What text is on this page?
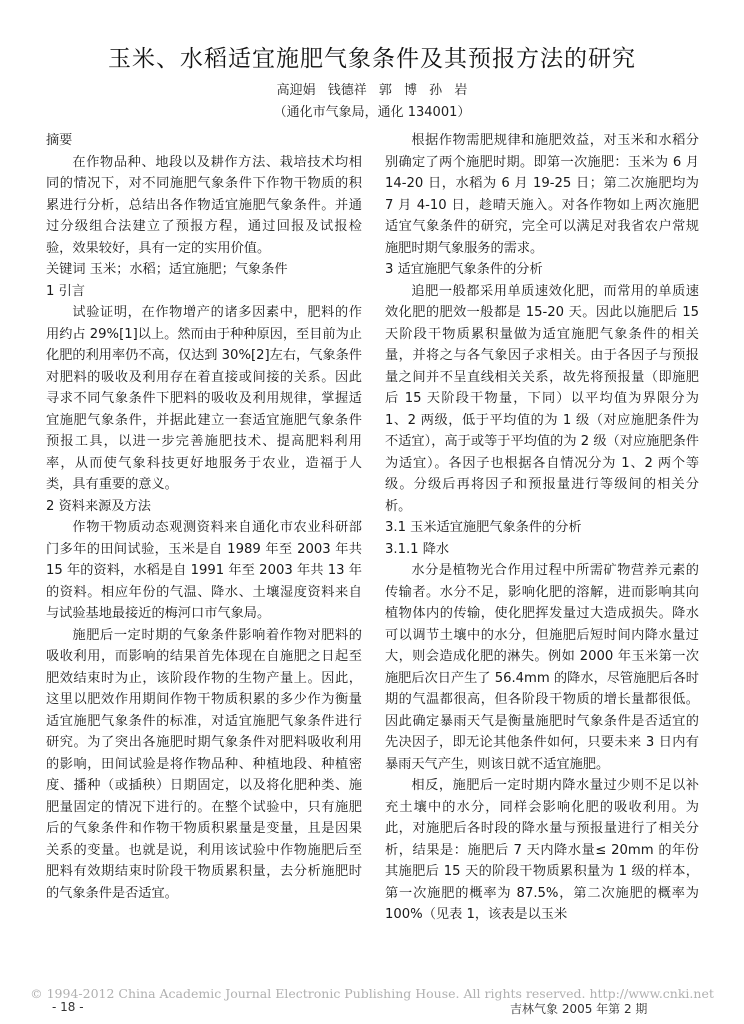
玉米、水稻适宜施肥气象条件及其预报方法的研究
高迎娟 钱德祥 郭 博 孙 岩
（通化市气象局，通化 134001）

摘要

在作物品种、地段以及耕作方法、栽培技术均相同的情况下，对不同施肥气象条件下作物干物质的积累进行分析，总结出各作物适宜施肥气象条件。并通过分级组合法建立了预报方程，通过回报及试报检验，效果较好，具有一定的实用价值。

关键词 玉米；水稻；适宜施肥；气象条件

1 引言

试验证明，在作物增产的诸多因素中，肥料的作用约占 29%[1]以上。然而由于种种原因，至目前为止化肥的利用率仍不高，仅达到 30%[2]左右，气象条件对肥料的吸收及利用存在着直接或间接的关系。因此寻求不同气象条件下肥料的吸收及利用规律，掌握适宜施肥气象条件，并据此建立一套适宜施肥气象条件预报工具，以进一步完善施肥技术、提高肥料利用率，从而使气象科技更好地服务于农业，造福于人类，具有重要的意义。

2 资料来源及方法

作物干物质动态观测资料来自通化市农业科研部门多年的田间试验，玉米是自 1989 年至 2003 年共 15 年的资料，水稻是自 1991 年至 2003 年共 13 年的资料。相应年份的气温、降水、土壤湿度资料来自与试验基地最接近的梅河口市气象局。

施肥后一定时期的气象条件影响着作物对肥料的吸收利用，而影响的结果首先体现在自施肥之日起至肥效结束时为止，该阶段作物的生物产量上。因此，这里以肥效作用期间作物干物质积累的多少作为衡量适宜施肥气象条件的标准，对适宜施肥气象条件进行研究。为了突出各施肥时期气象条件对肥料吸收利用的影响，田间试验是将作物品种、种植地段、种植密度、播种（或插秧）日期固定，以及将化肥种类、施肥量固定的情况下进行的。在整个试验中，只有施肥后的气象条件和作物干物质积累量是变量，且是因果关系的变量。也就是说，利用该试验中作物施肥后至肥料有效期结束时阶段干物质累积量，去分析施肥时的气象条件是否适宜。

根据作物需肥规律和施肥效益，对玉米和水稻分别确定了两个施肥时期。即第一次施肥：玉米为 6 月 14-20 日，水稻为 6 月 19-25 日；第二次施肥均为 7 月 4-10 日，趁晴天施入。对各作物如上两次施肥适宜气象条件的研究，完全可以满足对我省农户常规施肥时期气象服务的需求。

3 适宜施肥气象条件的分析

追肥一般都采用单质速效化肥，而常用的单质速效化肥的肥效一般都是 15-20 天。因此以施肥后 15 天阶段干物质累积量做为适宜施肥气象条件的相关量，并将之与各气象因子求相关。由于各因子与预报量之间并不呈直线相关关系，故先将预报量（即施肥后 15 天阶段干物量，下同）以平均值为界限分为 1、2 两级，低于平均值的为 1 级（对应施肥条件为不适宜），高于或等于平均值的为 2 级（对应施肥条件为适宜）。各因子也根据各自情况分为 1、2 两个等级。分级后再将因子和预报量进行等级间的相关分析。

3.1 玉米适宜施肥气象条件的分析

3.1.1 降水

水分是植物光合作用过程中所需矿物营养元素的传输者。水分不足，影响化肥的溶解，进而影响其向植物体内的传输，使化肥挥发量过大造成损失。降水可以调节土壤中的水分，但施肥后短时间内降水量过大，则会造成化肥的淋失。例如 2000 年玉米第一次施肥后次日产生了 56.4mm 的降水，尽管施肥后各时期的气温都很高，但各阶段干物质的增长量都很低。因此确定暴雨天气是衡量施肥时气象条件是否适宜的先决因子，即无论其他条件如何，只要未来 3 日内有暴雨天气产生，则该日就不适宜施肥。

相反，施肥后一定时期内降水量过少则不足以补充土壤中的水分，同样会影响化肥的吸收利用。为此，对施肥后各时段的降水量与预报量进行了相关分析，结果是：施肥后 7 天内降水量≤ 20mm 的年份其施肥后 15 天的阶段干物质累积量为 1 级的样本，第一次施肥的概率为 87.5%，第二次施肥的概率为 100%（见表 1，该表是以玉米

© 1994-2012 China Academic Journal Electronic Publishing House. All rights reserved. http://www.cnki.net
- 18 -	吉林气象 2005 年第 2 期
